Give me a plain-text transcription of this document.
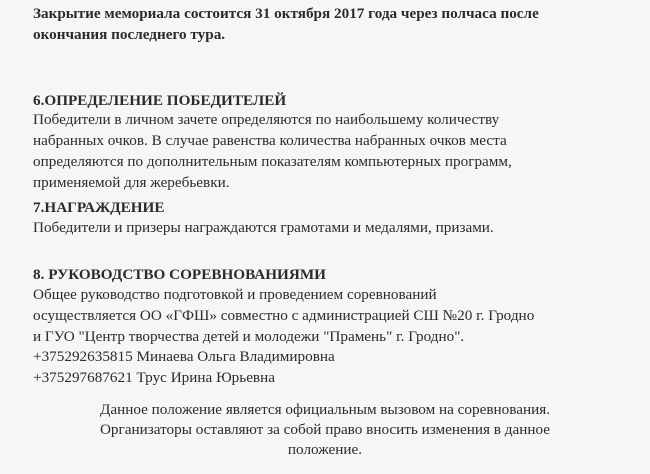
Закрытие мемориала состоится 31 октября 2017 года через полчаса после
окончания последнего тура.
6.ОПРЕДЕЛЕНИЕ ПОБЕДИТЕЛЕЙ
Победители в личном зачете определяются по наибольшему количеству
набранных очков. В случае равенства количества набранных очков места
определяются по дополнительным показателям компьютерных программ,
применяемой для жеребьевки.
7.НАГРАЖДЕНИЕ
Победители и призеры награждаются грамотами и медалями, призами.
8. РУКОВОДСТВО СОРЕВНОВАНИЯМИ
Общее руководство подготовкой и проведением соревнований
осуществляется ОО «ГФШ» совместно с администрацией СШ №20 г. Гродно
и ГУО "Центр творчества детей и молодежи "Прамень" г. Гродно".
+375292635815 Минаева Ольга Владимировна
+375297687621 Трус Ирина Юрьевна
Данное положение является официальным вызовом на соревнования.
Организаторы оставляют за собой право вносить изменения в данное
положение.
